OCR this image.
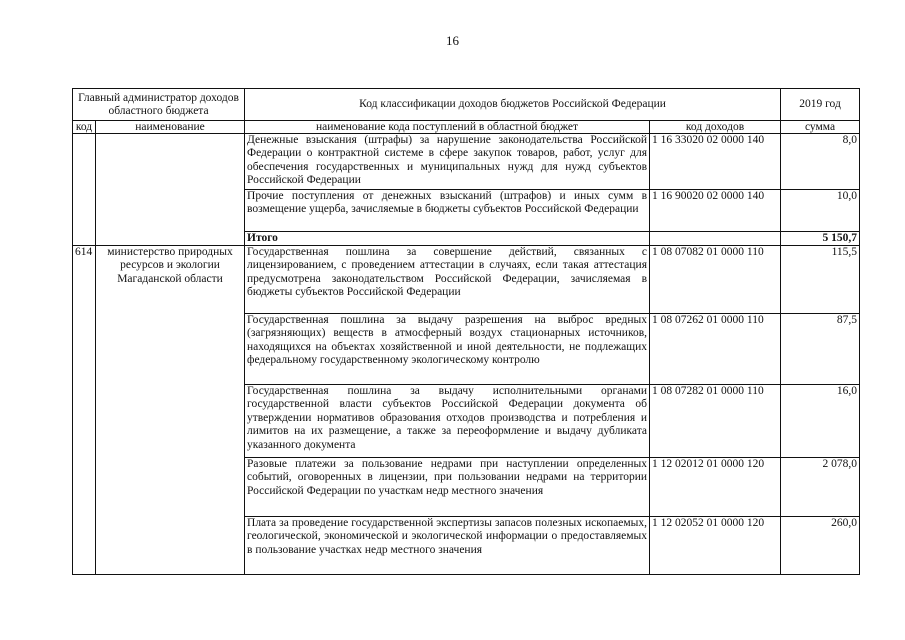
16
Главный администратор доходов областного бюджета		Код классификации доходов бюджетов Российской Федерации		2019 год
код	наименование	наименование кода поступлений в областной бюджет	код доходов	сумма
		Денежные взыскания (штрафы) за нарушение законодательства Российской Федерации о контрактной системе в сфере закупок товаров, работ, услуг для обеспечения государственных и муниципальных нужд для нужд субъектов Российской Федерации	1 16 33020 02 0000 140	8,0
		Прочие поступления от денежных взысканий (штрафов) и иных сумм в возмещение ущерба, зачисляемые в бюджеты субъектов Российской Федерации	1 16 90020 02 0000 140	10,0
		Итого		5 150,7
614	министерство природных ресурсов и экологии Магаданской области	Государственная пошлина за совершение действий, связанных с лицензированием, с проведением аттестации в случаях, если такая аттестация предусмотрена законодательством Российской Федерации, зачисляемая в бюджеты субъектов Российской Федерации	1 08 07082 01 0000 110	115,5
		Государственная пошлина за выдачу разрешения на выброс вредных (загрязняющих) веществ в атмосферный воздух стационарных источников, находящихся на объектах хозяйственной и иной деятельности, не подлежащих федеральному государственному экологическому контролю	1 08 07262 01 0000 110	87,5
		Государственная пошлина за выдачу исполнительными органами государственной власти субъектов Российской Федерации документа об утверждении нормативов образования отходов производства и потребления и лимитов на их размещение, а также за переоформление и выдачу дубликата указанного документа	1 08 07282 01 0000 110	16,0
		Разовые платежи за пользование недрами при наступлении определенных событий, оговоренных в лицензии, при пользовании недрами на территории Российской Федерации по участкам недр местного значения	1 12 02012 01 0000 120	2 078,0
		Плата за проведение государственной экспертизы запасов полезных ископаемых, геологической, экономической и экологической информации о предоставляемых в пользование участках недр местного значения	1 12 02052 01 0000 120	260,0
